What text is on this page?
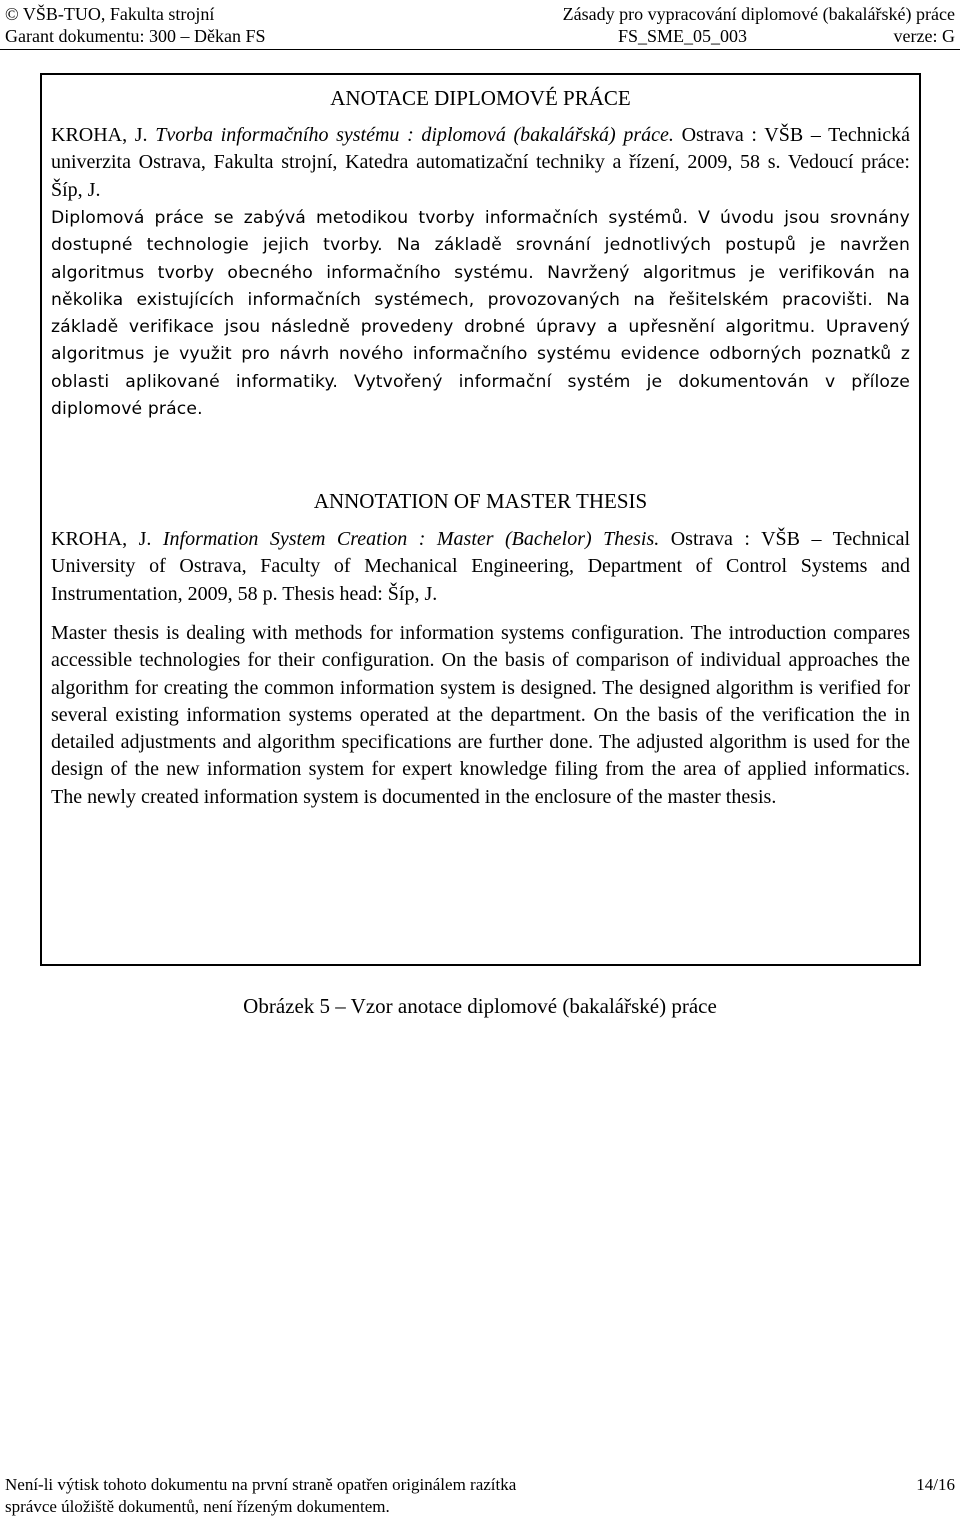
© VŠB-TUO, Fakulta strojní	Zásady pro vypracování diplomové (bakalářské) práce
Garant dokumentu: 300 – Děkan FS	FS_SME_05_003	verze: G
ANOTACE DIPLOMOVÉ PRÁCE

KROHA, J. Tvorba informačního systému : diplomová (bakalářská) práce. Ostrava : VŠB – Technická univerzita Ostrava, Fakulta strojní, Katedra automatizační techniky a řízení, 2009, 58 s. Vedoucí práce: Šíp, J.

Diplomová práce se zabývá metodikou tvorby informačních systémů. V úvodu jsou srovnány dostupné technologie jejich tvorby. Na základě srovnání jednotlivých postupů je navržen algoritmus tvorby obecného informačního systému. Navržený algoritmus je verifikován na několika existujících informačních systémech, provozovaných na řešitelském pracovišti. Na základě verifikace jsou následně provedeny drobné úpravy a upřesnění algoritmu. Upravený algoritmus je využit pro návrh nového informačního systému evidence odborných poznatků z oblasti aplikované informatiky. Vytvořený informační systém je dokumentován v příloze diplomové práce.

ANNOTATION OF MASTER THESIS

KROHA, J. Information System Creation : Master (Bachelor) Thesis. Ostrava : VŠB – Technical University of Ostrava, Faculty of Mechanical Engineering, Department of Control Systems and Instrumentation, 2009, 58 p. Thesis head: Šíp, J.

Master thesis is dealing with methods for information systems configuration. The introduction compares accessible technologies for their configuration. On the basis of comparison of individual approaches the algorithm for creating the common information system is designed. The designed algorithm is verified for several existing information systems operated at the department. On the basis of the verification the in detailed adjustments and algorithm specifications are further done. The adjusted algorithm is used for the design of the new information system for expert knowledge filing from the area of applied informatics. The newly created information system is documented in the enclosure of the master thesis.

Obrázek 5 – Vzor anotace diplomové (bakalářské) práce
Není-li výtisk tohoto dokumentu na první straně opatřen originálem razítka	14/16
správce úložiště dokumentů, není řízeným dokumentem.
